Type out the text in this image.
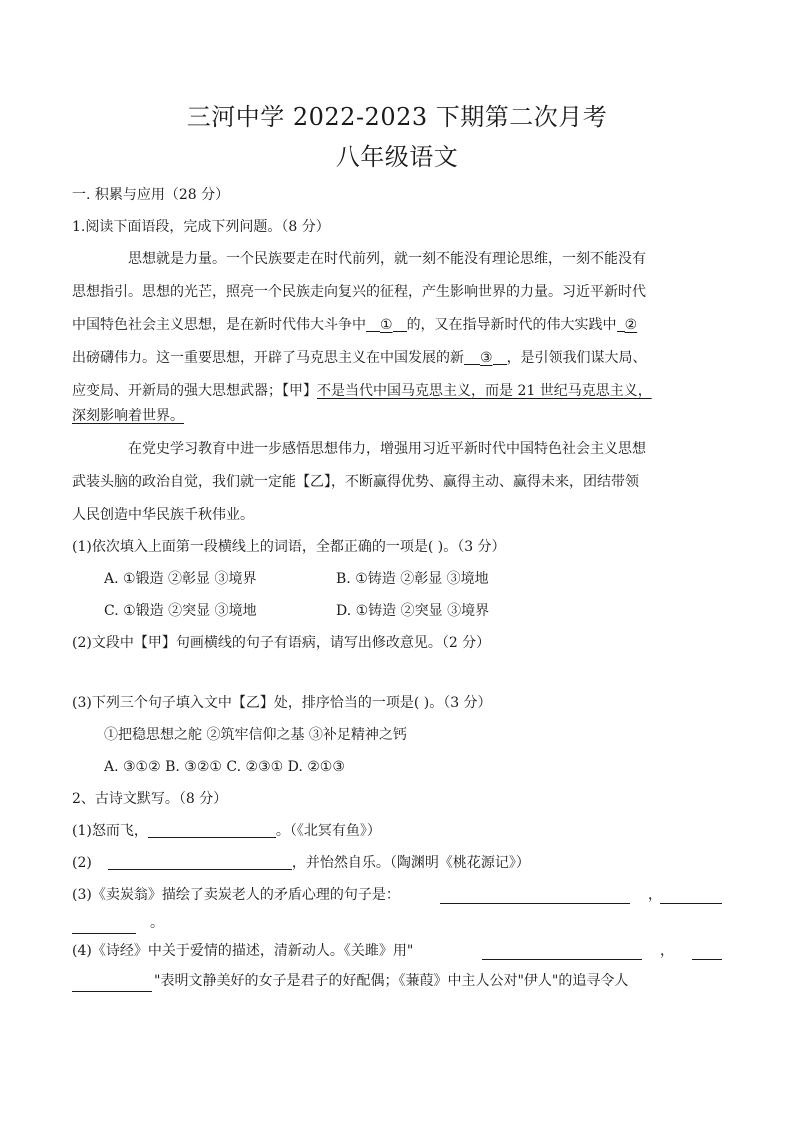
三河中学 2022-2023 下期第二次月考
八年级语文
一. 积累与应用（28 分）
1.阅读下面语段，完成下列问题。（8 分）
思想就是力量。一个民族要走在时代前列，就一刻不能没有理论思维，一刻不能没有
思想指引。思想的光芒，照亮一个民族走向复兴的征程，产生影响世界的力量。习近平新时代
中国特色社会主义思想，是在新时代伟大斗争中 ① 的，又在指导新时代的伟大实践中 ②
出磅礴伟力。这一重要思想，开辟了马克思主义在中国发展的新 ③ ，是引领我们谋大局、
应变局、开新局的强大思想武器；【甲】不是当代中国马克思主义，而是 21 世纪马克思主义，
深刻影响着世界。
在党史学习教育中进一步感悟思想伟力，增强用习近平新时代中国特色社会主义思想
武装头脑的政治自觉，我们就一定能【乙】，不断赢得优势、赢得主动、赢得未来，团结带领
人民创造中华民族千秋伟业。
(1)依次填入上面第一段横线上的词语，全都正确的一项是( )。（3 分）
A. ①锻造 ②彰显 ③境界	B. ①铸造 ②彰显 ③境地
C. ①锻造 ②突显 ③境地	D. ①铸造 ②突显 ③境界
(2)文段中【甲】句画横线的句子有语病，请写出修改意见。（2 分）
(3)下列三个句子填入文中【乙】处，排序恰当的一项是( )。（3 分）
①把稳思想之舵 ②筑牢信仰之基 ③补足精神之钙
A. ③①② B. ③②① C. ②③① D. ②①③
2、古诗文默写。（8 分）
(1)怒而飞，	。（《北冥有鱼》）
(2)	，并怡然自乐。（陶渊明《桃花源记》）
(3)《卖炭翁》描绘了卖炭老人的矛盾心理的句子是：	，
。
(4)《诗经》中关于爱情的描述，清新动人。《关雎》用"	，
"表明文静美好的女子是君子的好配偶；《蒹葭》中主人公对"伊人"的追寻令人
